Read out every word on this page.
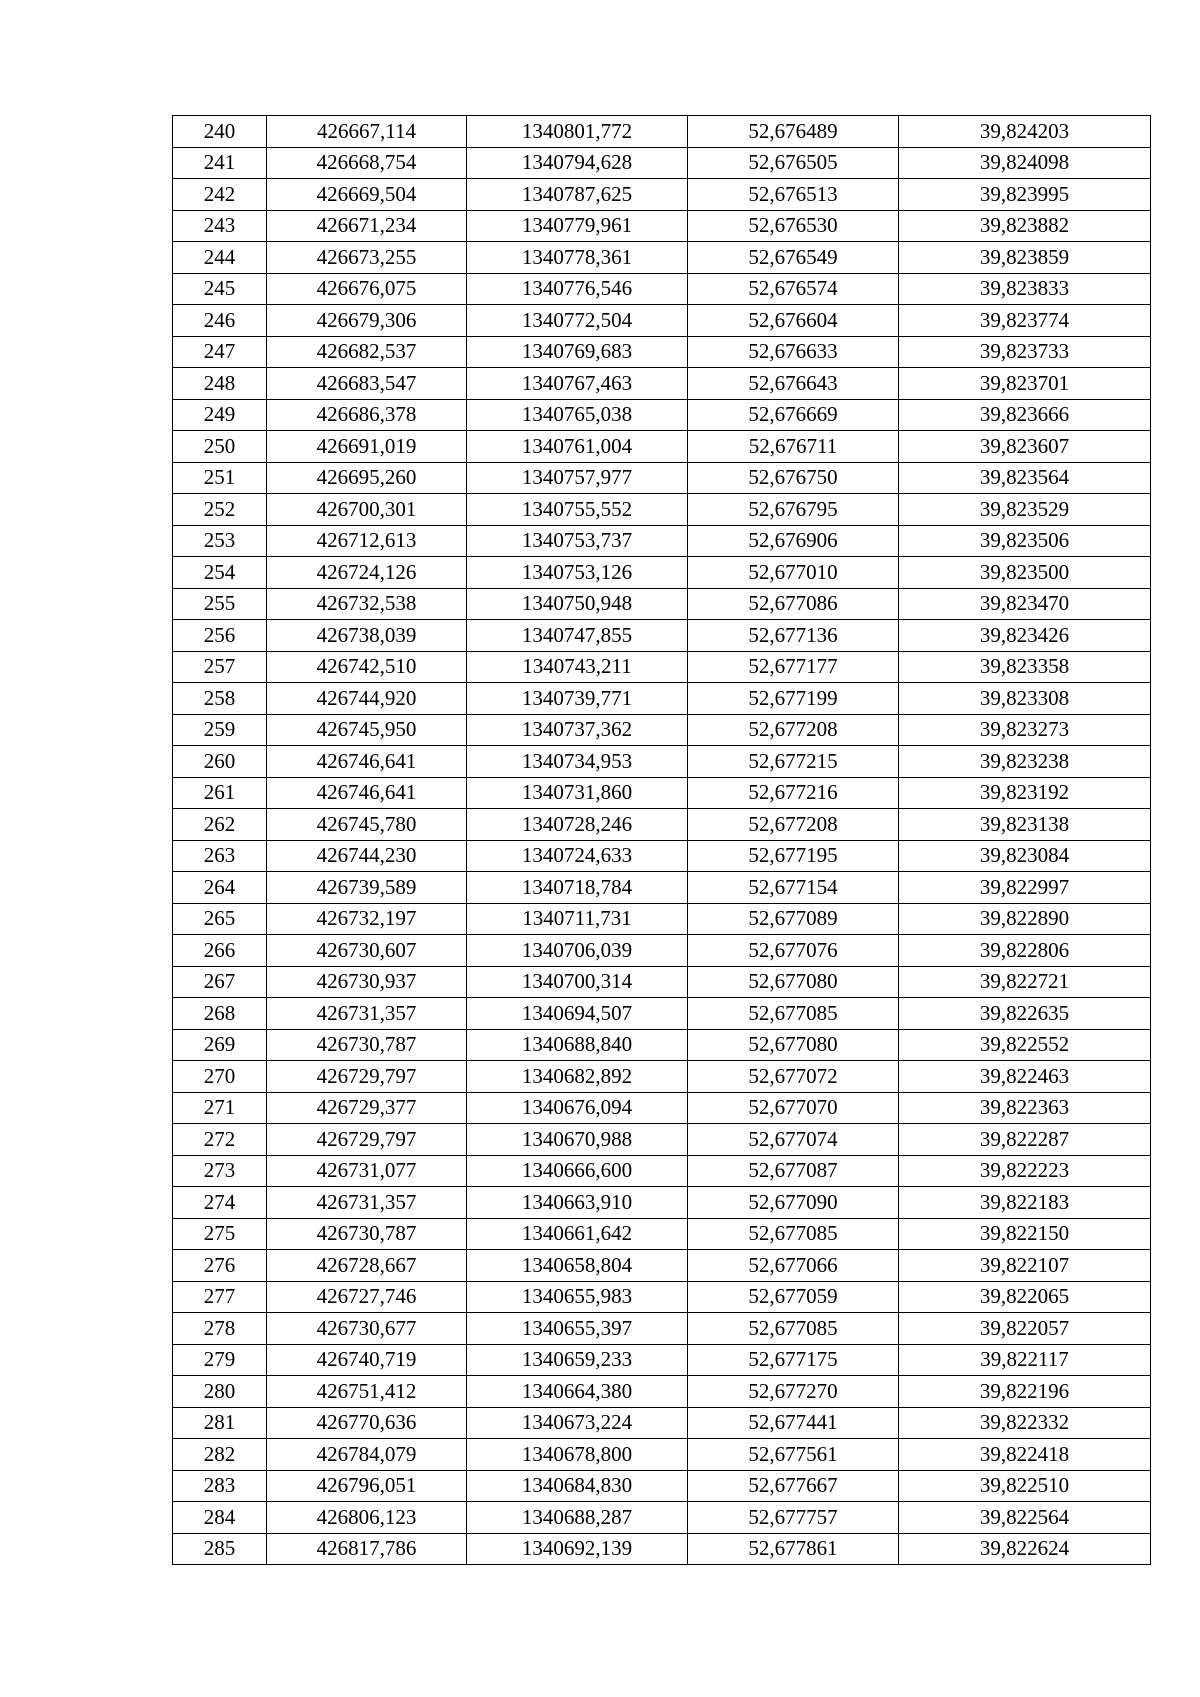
240	426667,114	1340801,772	52,676489	39,824203
241	426668,754	1340794,628	52,676505	39,824098
242	426669,504	1340787,625	52,676513	39,823995
243	426671,234	1340779,961	52,676530	39,823882
244	426673,255	1340778,361	52,676549	39,823859
245	426676,075	1340776,546	52,676574	39,823833
246	426679,306	1340772,504	52,676604	39,823774
247	426682,537	1340769,683	52,676633	39,823733
248	426683,547	1340767,463	52,676643	39,823701
249	426686,378	1340765,038	52,676669	39,823666
250	426691,019	1340761,004	52,676711	39,823607
251	426695,260	1340757,977	52,676750	39,823564
252	426700,301	1340755,552	52,676795	39,823529
253	426712,613	1340753,737	52,676906	39,823506
254	426724,126	1340753,126	52,677010	39,823500
255	426732,538	1340750,948	52,677086	39,823470
256	426738,039	1340747,855	52,677136	39,823426
257	426742,510	1340743,211	52,677177	39,823358
258	426744,920	1340739,771	52,677199	39,823308
259	426745,950	1340737,362	52,677208	39,823273
260	426746,641	1340734,953	52,677215	39,823238
261	426746,641	1340731,860	52,677216	39,823192
262	426745,780	1340728,246	52,677208	39,823138
263	426744,230	1340724,633	52,677195	39,823084
264	426739,589	1340718,784	52,677154	39,822997
265	426732,197	1340711,731	52,677089	39,822890
266	426730,607	1340706,039	52,677076	39,822806
267	426730,937	1340700,314	52,677080	39,822721
268	426731,357	1340694,507	52,677085	39,822635
269	426730,787	1340688,840	52,677080	39,822552
270	426729,797	1340682,892	52,677072	39,822463
271	426729,377	1340676,094	52,677070	39,822363
272	426729,797	1340670,988	52,677074	39,822287
273	426731,077	1340666,600	52,677087	39,822223
274	426731,357	1340663,910	52,677090	39,822183
275	426730,787	1340661,642	52,677085	39,822150
276	426728,667	1340658,804	52,677066	39,822107
277	426727,746	1340655,983	52,677059	39,822065
278	426730,677	1340655,397	52,677085	39,822057
279	426740,719	1340659,233	52,677175	39,822117
280	426751,412	1340664,380	52,677270	39,822196
281	426770,636	1340673,224	52,677441	39,822332
282	426784,079	1340678,800	52,677561	39,822418
283	426796,051	1340684,830	52,677667	39,822510
284	426806,123	1340688,287	52,677757	39,822564
285	426817,786	1340692,139	52,677861	39,822624
